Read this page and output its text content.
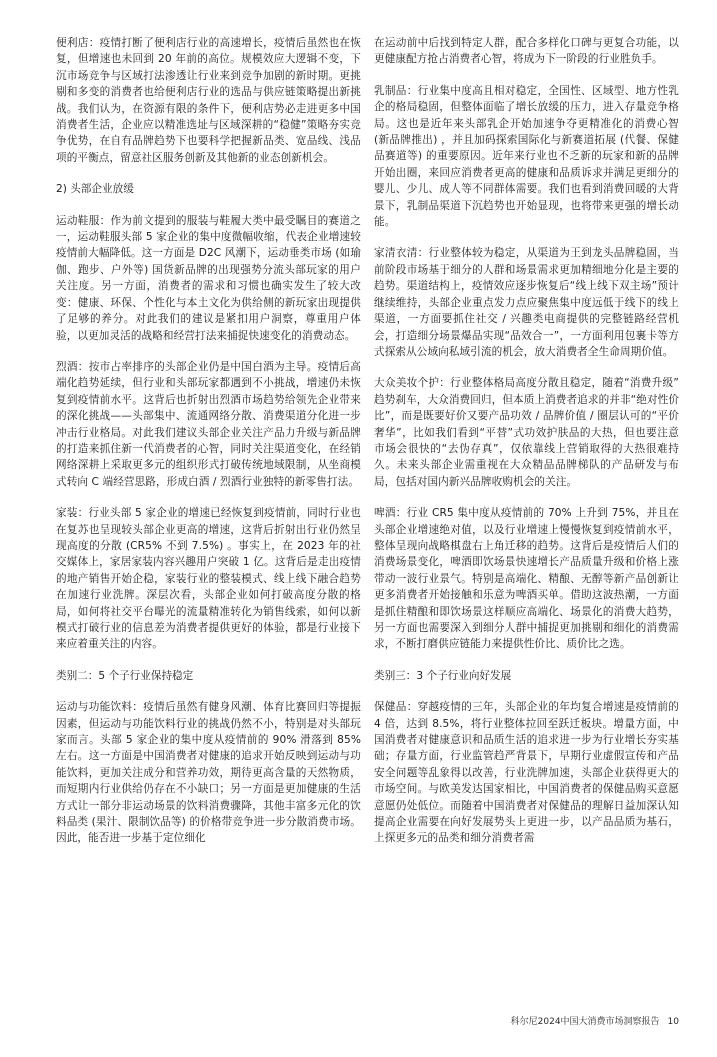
便利店：疫情打断了便利店行业的高速增长，疫情后虽然也在恢复，但增速也未回到 20 年前的高位。规模效应大逻辑不变，下沉市场竞争与区域打法渗透让行业来到竞争加剧的新时期。更挑剔和多变的消费者也给便利店行业的选品与供应链策略提出新挑战。我们认为，在资源有限的条件下，便利店势必走进更多中国消费者生活，企业应以精准选址与区域深耕的“稳健”策略夯实竞争优势，在自有品牌趋势下也要科学把握新品类、宽品线、浅品项的平衡点，留意社区服务创新及其他新的业态创新机会。

2) 头部企业放缓

运动鞋服：作为前文提到的服装与鞋履大类中最受瞩目的赛道之一，运动鞋服头部 5 家企业的集中度微幅收缩，代表企业增速较疫情前大幅降低。这一方面是 D2C 风潮下，运动垂类市场 (如瑜伽、跑步、户外等) 国货新品牌的出现强势分流头部玩家的用户关注度。另一方面，消费者的需求和习惯也确实发生了较大改变：健康、环保、个性化与本土文化为供给侧的新玩家出现提供了足够的养分。对此我们的建议是紧扣用户洞察，尊重用户体验，以更加灵活的战略和经营打法来捕捉快速变化的消费动态。

烈酒：按市占率排序的头部企业仍是中国白酒为主导。疫情后高端化趋势延续，但行业和头部玩家都遇到不小挑战，增速仍未恢复到疫情前水平。这背后也折射出烈酒市场趋势给领先企业带来的深化挑战——头部集中、流通网络分散、消费渠道分化进一步冲击行业格局。对此我们建议头部企业关注产品力升级与新品牌的打造来抓住新一代消费者的心智，同时关注渠道变化，在经销网络深耕上采取更多元的组织形式打破传统地域限制，从坐商模式转向 C 端经营思路，形成白酒 / 烈酒行业独特的新零售打法。

家装：行业头部 5 家企业的增速已经恢复到疫情前，同时行业也在复苏也呈现较头部企业更高的增速，这背后折射出行业仍然呈现高度的分散 (CR5% 不到 7.5%) 。事实上，在 2023 年的社交媒体上，家居家装内容兴趣用户突破 1 亿。这背后是走出疫情的地产销售开始企稳，家装行业的整装模式、线上线下融合趋势在加速行业洗牌。深层次看，头部企业如何打破高度分散的格局，如何将社交平台曝光的流量精准转化为销售线索，如何以新模式打破行业的信息差为消费者提供更好的体验，都是行业接下来应着重关注的内容。

类别二：5 个子行业保持稳定

运动与功能饮料：疫情后虽然有健身风潮、体育比赛回归等提振因素，但运动与功能饮料行业的挑战仍然不小，特别是对头部玩家而言。头部 5 家企业的集中度从疫情前的 90% 滑落到 85% 左右。这一方面是中国消费者对健康的追求开始反映到运动与功能饮料，更加关注成分和营养功效，期待更高含量的天然物质，而短期内行业供给仍存在不小缺口；另一方面是更加健康的生活方式让一部分非运动场景的饮料消费骤降，其他丰富多元化的饮料品类 (果汁、限制饮品等) 的价格带竞争进一步分散消费市场。因此，能否进一步基于定位细化

在运动前中后找到特定人群，配合多样化口碑与更复合功能，以更健康配方抢占消费者心智，将成为下一阶段的行业胜负手。

乳制品：行业集中度高且相对稳定，全国性、区域型、地方性乳企的格局稳固，但整体面临了增长放缓的压力，进入存量竞争格局。这也是近年来头部乳企开始加速争夺更精准化的消费心智 (新品牌推出) ，并且加码探索国际化与新赛道拓展 (代餐、保健品赛道等) 的重要原因。近年来行业也不乏新的玩家和新的品牌开始出圈，来回应消费者更高的健康和品质诉求并满足更细分的婴儿、少儿、成人等不同群体需要。我们也看到消费回暖的大背景下，乳制品渠道下沉趋势也开始显现，也将带来更强的增长动能。

家清衣清：行业整体较为稳定，从渠道为王到龙头品牌稳固，当前阶段市场基于细分的人群和场景需求更加精细地分化是主要的趋势。渠道结构上，疫情效应逐步恢复后“线上线下双主场”预计继续维持，头部企业重点发力点应聚焦集中度远低于线下的线上渠道，一方面要抓住社交 / 兴趣类电商提供的完整链路经营机会，打造细分场景爆品实现“品效合一”，一方面利用包裹卡等方式探索从公域向私域引流的机会，放大消费者全生命周期价值。

大众美妆个护：行业整体格局高度分散且稳定，随着“消费升级” 趋势刹车，大众消费回归，但本质上消费者追求的并非“绝对性价比”，而是既要好价又要产品功效 / 品牌价值 / 圈层认可的“平价奢华”，比如我们看到“平替”式功效护肤品的大热，但也要注意市场会很快的“去伪存真”，仅依靠线上营销取得的大热很难持久。未来头部企业需重视在大众精品品牌梯队的产品研发与布局，包括对国内新兴品牌收购机会的关注。

啤酒：行业 CR5 集中度从疫情前的 70% 上升到 75%，并且在头部企业增速绝对值，以及行业增速上慢慢恢复到疫情前水平，整体呈现向战略棋盘右上角迁移的趋势。这背后是疫情后人们的消费场景变化，啤酒即饮场景快速增长产品质量升级和价格上涨带动一波行业景气。特别是高端化、精酿、无醇等新产品创新让更多消费者开始接触和乐意为啤酒买单。借助这波热潮，一方面是抓住精酿和即饮场景这样顺应高端化、场景化的消费大趋势，另一方面也需要深入到细分人群中捕捉更加挑剔和细化的消费需求，不断打磨供应链能力来提供性价比、质价比之选。

类别三：3 个子行业向好发展

保健品：穿越疫情的三年，头部企业的年均复合增速是疫情前的 4 倍，达到 8.5%，将行业整体拉回至跃迁板块。增量方面，中国消费者对健康意识和品质生活的追求进一步为行业增长夯实基础；存量方面，行业监管趋严背景下，早期行业虚假宣传和产品安全问题等乱象得以改善，行业洗牌加速，头部企业获得更大的市场空间。与欧美发达国家相比，中国消费者的保健品购买意愿意愿仍处低位。而随着中国消费者对保健品的理解日益加深认知提高企业需要在向好发展势头上更进一步，以产品品质为基石，上探更多元的品类和细分消费者需

科尔尼2024中国大消费市场洞察报告 10
